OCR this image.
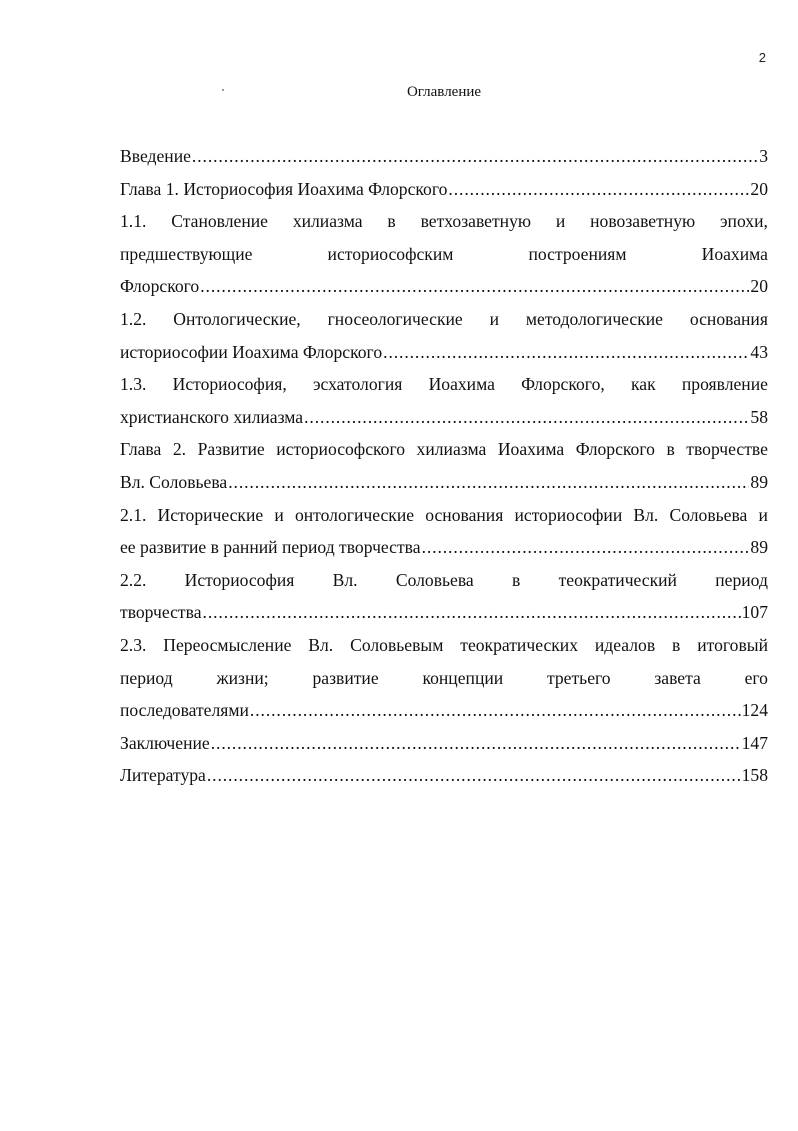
2
Оглавление
Введение .....	3
Глава 1. Историософия Иоахима Флорского .....	20
1.1. Становление хилиазма в ветхозаветную и новозаветную эпохи,
предшествующие	историософским	построениям	Иоахима
Флорского .....	20
1.2. Онтологические, гносеологические и методологические основания
историософии Иоахима Флорского .....	43
1.3. Историософия, эсхатология Иоахима Флорского, как проявление
христианского хилиазма .....	58
Глава 2. Развитие историософского хилиазма Иоахима Флорского в творчестве
Вл. Соловьева .....	89
2.1. Исторические и онтологические основания историософии Вл. Соловьева и
ее развитие в ранний период творчества .....	89
2.2. Историософия Вл. Соловьева в теократический период
творчества .....	107
2.3. Переосмысление Вл. Соловьевым теократических идеалов в итоговый
период жизни; развитие концепции третьего завета его
последователями .....	124
Заключение .....	147
Литература .....	158
